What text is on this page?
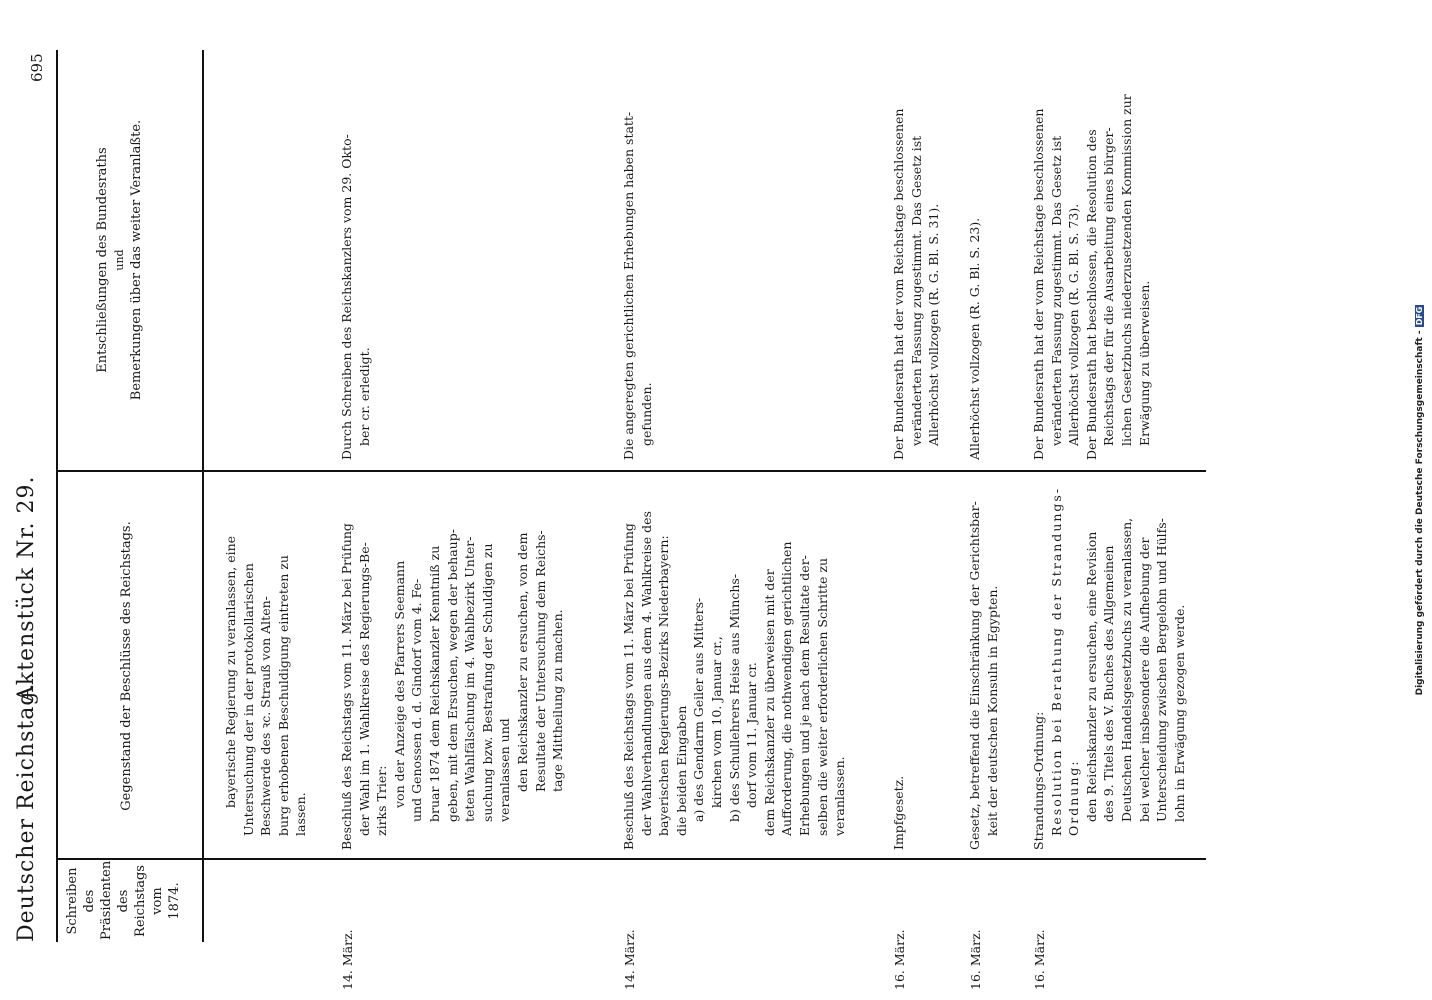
Deutscher Reichstag.
Aktenstück Nr. 29.
695
Schreiben des Präsidenten des Reichstags vom 1874.
Gegenstand der Beschlüsse des Reichstags.
Entschließungen des Bundesraths und Bemerkungen über das weiter Veranlaßte.

bayerische Regierung zu veranlassen, eine Untersuchung der in der protokollarischen Beschwerde des ꝛc. Strauß von Alten- burg erhobenen Beschuldigung eintreten zu lassen.

14. März.

Beschluß des Reichstags vom 11. März bei Prüfung der Wahl im 1. Wahlkreise des Regierungs-Be- zirks Trier: von der Anzeige des Pfarrers Seemann und Genossen d. d. Gindorf vom 4. Fe- bruar 1874 dem Reichskanzler Kenntniß zu geben, mit dem Ersuchen, wegen der behaup- teten Wahlfälschung im 4. Wahlbezirk Unter- suchung bzw. Bestrafung der Schuldigen zu veranlassen und den Reichskanzler zu ersuchen, von dem Resultate der Untersuchung dem Reichs- tage Mittheilung zu machen.

Durch Schreiben des Reichskanzlers vom 29. Okto- ber cr. erledigt.

14. März.

Beschluß des Reichstags vom 11. März bei Prüfung der Wahlverhandlungen aus dem 4. Wahlkreise des bayerischen Regierungs-Bezirks Niederbayern: die beiden Eingaben a) des Gendarm Geiler aus Mitters- kirchen vom 10. Januar cr., b) des Schullehrers Heise aus Münchs- dorf vom 11. Januar cr. dem Reichskanzler zu überweisen mit der Aufforderung, die nothwendigen gerichtlichen Erhebungen und je nach dem Resultate der- selben die weiter erforderlichen Schritte zu veranlassen.

Die angeregten gerichtlichen Erhebungen haben statt- gefunden.

16. März.

Impfgesetz.

Der Bundesrath hat der vom Reichstage beschlossenen veränderten Fassung zugestimmt. Das Gesetz ist Allerhöchst vollzogen (R. G. Bl. S. 31).

16. März.

Gesetz, betreffend die Einschränkung der Gerichtsbar- keit der deutschen Konsuln in Egypten.

Allerhöchst vollzogen (R. G. Bl. S. 23).

16. März.

Strandungs-Ordnung: Resolution bei Berathung der Strandungs- Ordnung: den Reichskanzler zu ersuchen, eine Revision des 9. Titels des V. Buches des Allgemeinen Deutschen Handelsgesetzbuchs zu veranlassen, bei welcher insbesondere die Aufhebung der Unterscheidung zwischen Bergelohn und Hülfs- lohn in Erwägung gezogen werde.

Der Bundesrath hat der vom Reichstage beschlossenen veränderten Fassung zugestimmt. Das Gesetz ist Allerhöchst vollzogen (R. G. Bl. S. 73). Der Bundesrath hat beschlossen, die Resolution des Reichstags der für die Ausarbeitung eines bürger- lichen Gesetzbuchs niederzusetzenden Kommission zur Erwägung zu überweisen.	Digitalisierung gefördert durch die Deutsche Forschungsgemeinschaft - DFG
